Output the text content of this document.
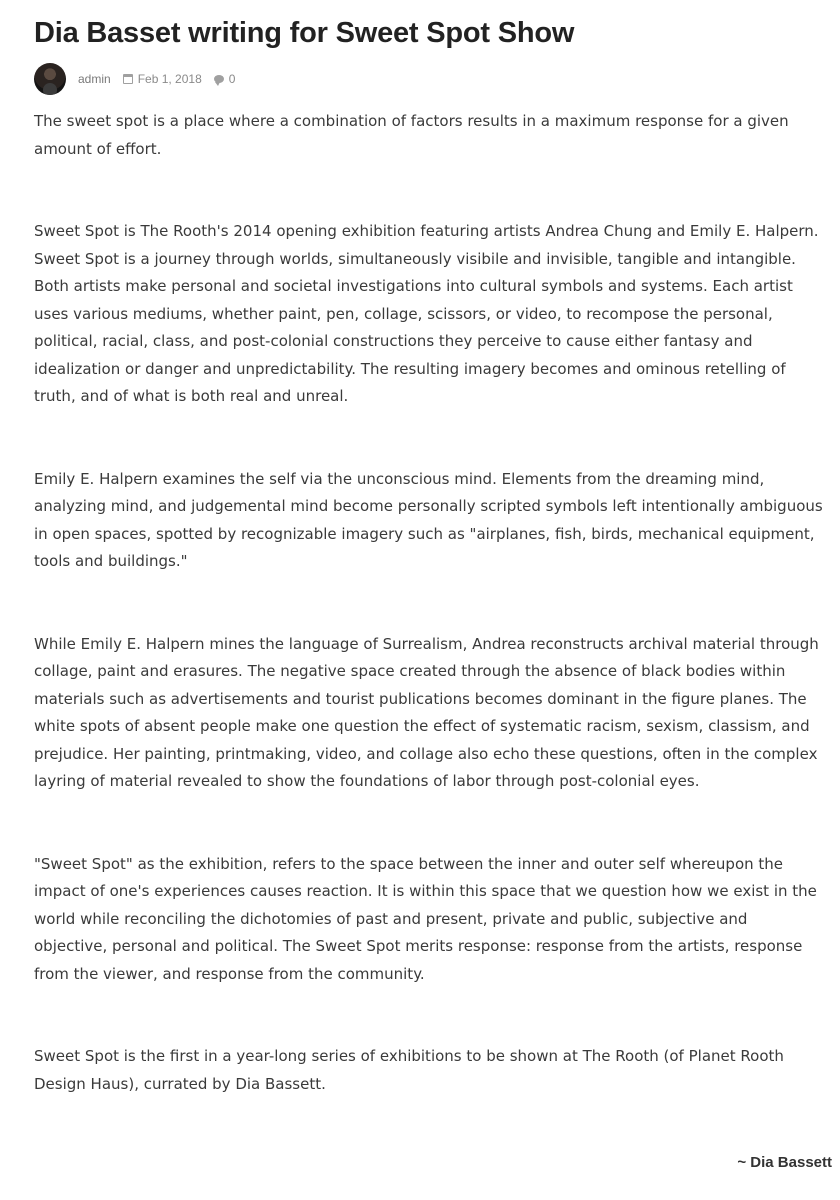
Dia Basset writing for Sweet Spot Show
admin Feb 1, 2018 0

The sweet spot is a place where a combination of factors results in a maximum response for a given amount of effort.

Sweet Spot is The Rooth's 2014 opening exhibition featuring artists Andrea Chung and Emily E. Halpern. Sweet Spot is a journey through worlds, simultaneously visibile and invisible, tangible and intangible. Both artists make personal and societal investigations into cultural symbols and systems. Each artist uses various mediums, whether paint, pen, collage, scissors, or video, to recompose the personal, political, racial, class, and post-colonial constructions they perceive to cause either fantasy and idealization or danger and unpredictability. The resulting imagery becomes and ominous retelling of truth, and of what is both real and unreal.

Emily E. Halpern examines the self via the unconscious mind. Elements from the dreaming mind, analyzing mind, and judgemental mind become personally scripted symbols left intentionally ambiguous in open spaces, spotted by recognizable imagery such as "airplanes, fish, birds, mechanical equipment, tools and buildings."

While Emily E. Halpern mines the language of Surrealism, Andrea reconstructs archival material through collage, paint and erasures. The negative space created through the absence of black bodies within materials such as advertisements and tourist publications becomes dominant in the figure planes. The white spots of absent people make one question the effect of systematic racism, sexism, classism, and prejudice. Her painting, printmaking, video, and collage also echo these questions, often in the complex layring of material revealed to show the foundations of labor through post-colonial eyes.

"Sweet Spot" as the exhibition, refers to the space between the inner and outer self whereupon the impact of one's experiences causes reaction. It is within this space that we question how we exist in the world while reconciling the dichotomies of past and present, private and public, subjective and objective, personal and political. The Sweet Spot merits response: response from the artists, response from the viewer, and response from the community.

Sweet Spot is the first in a year-long series of exhibitions to be shown at The Rooth (of Planet Rooth Design Haus), currated by Dia Bassett.

~ Dia Bassett
